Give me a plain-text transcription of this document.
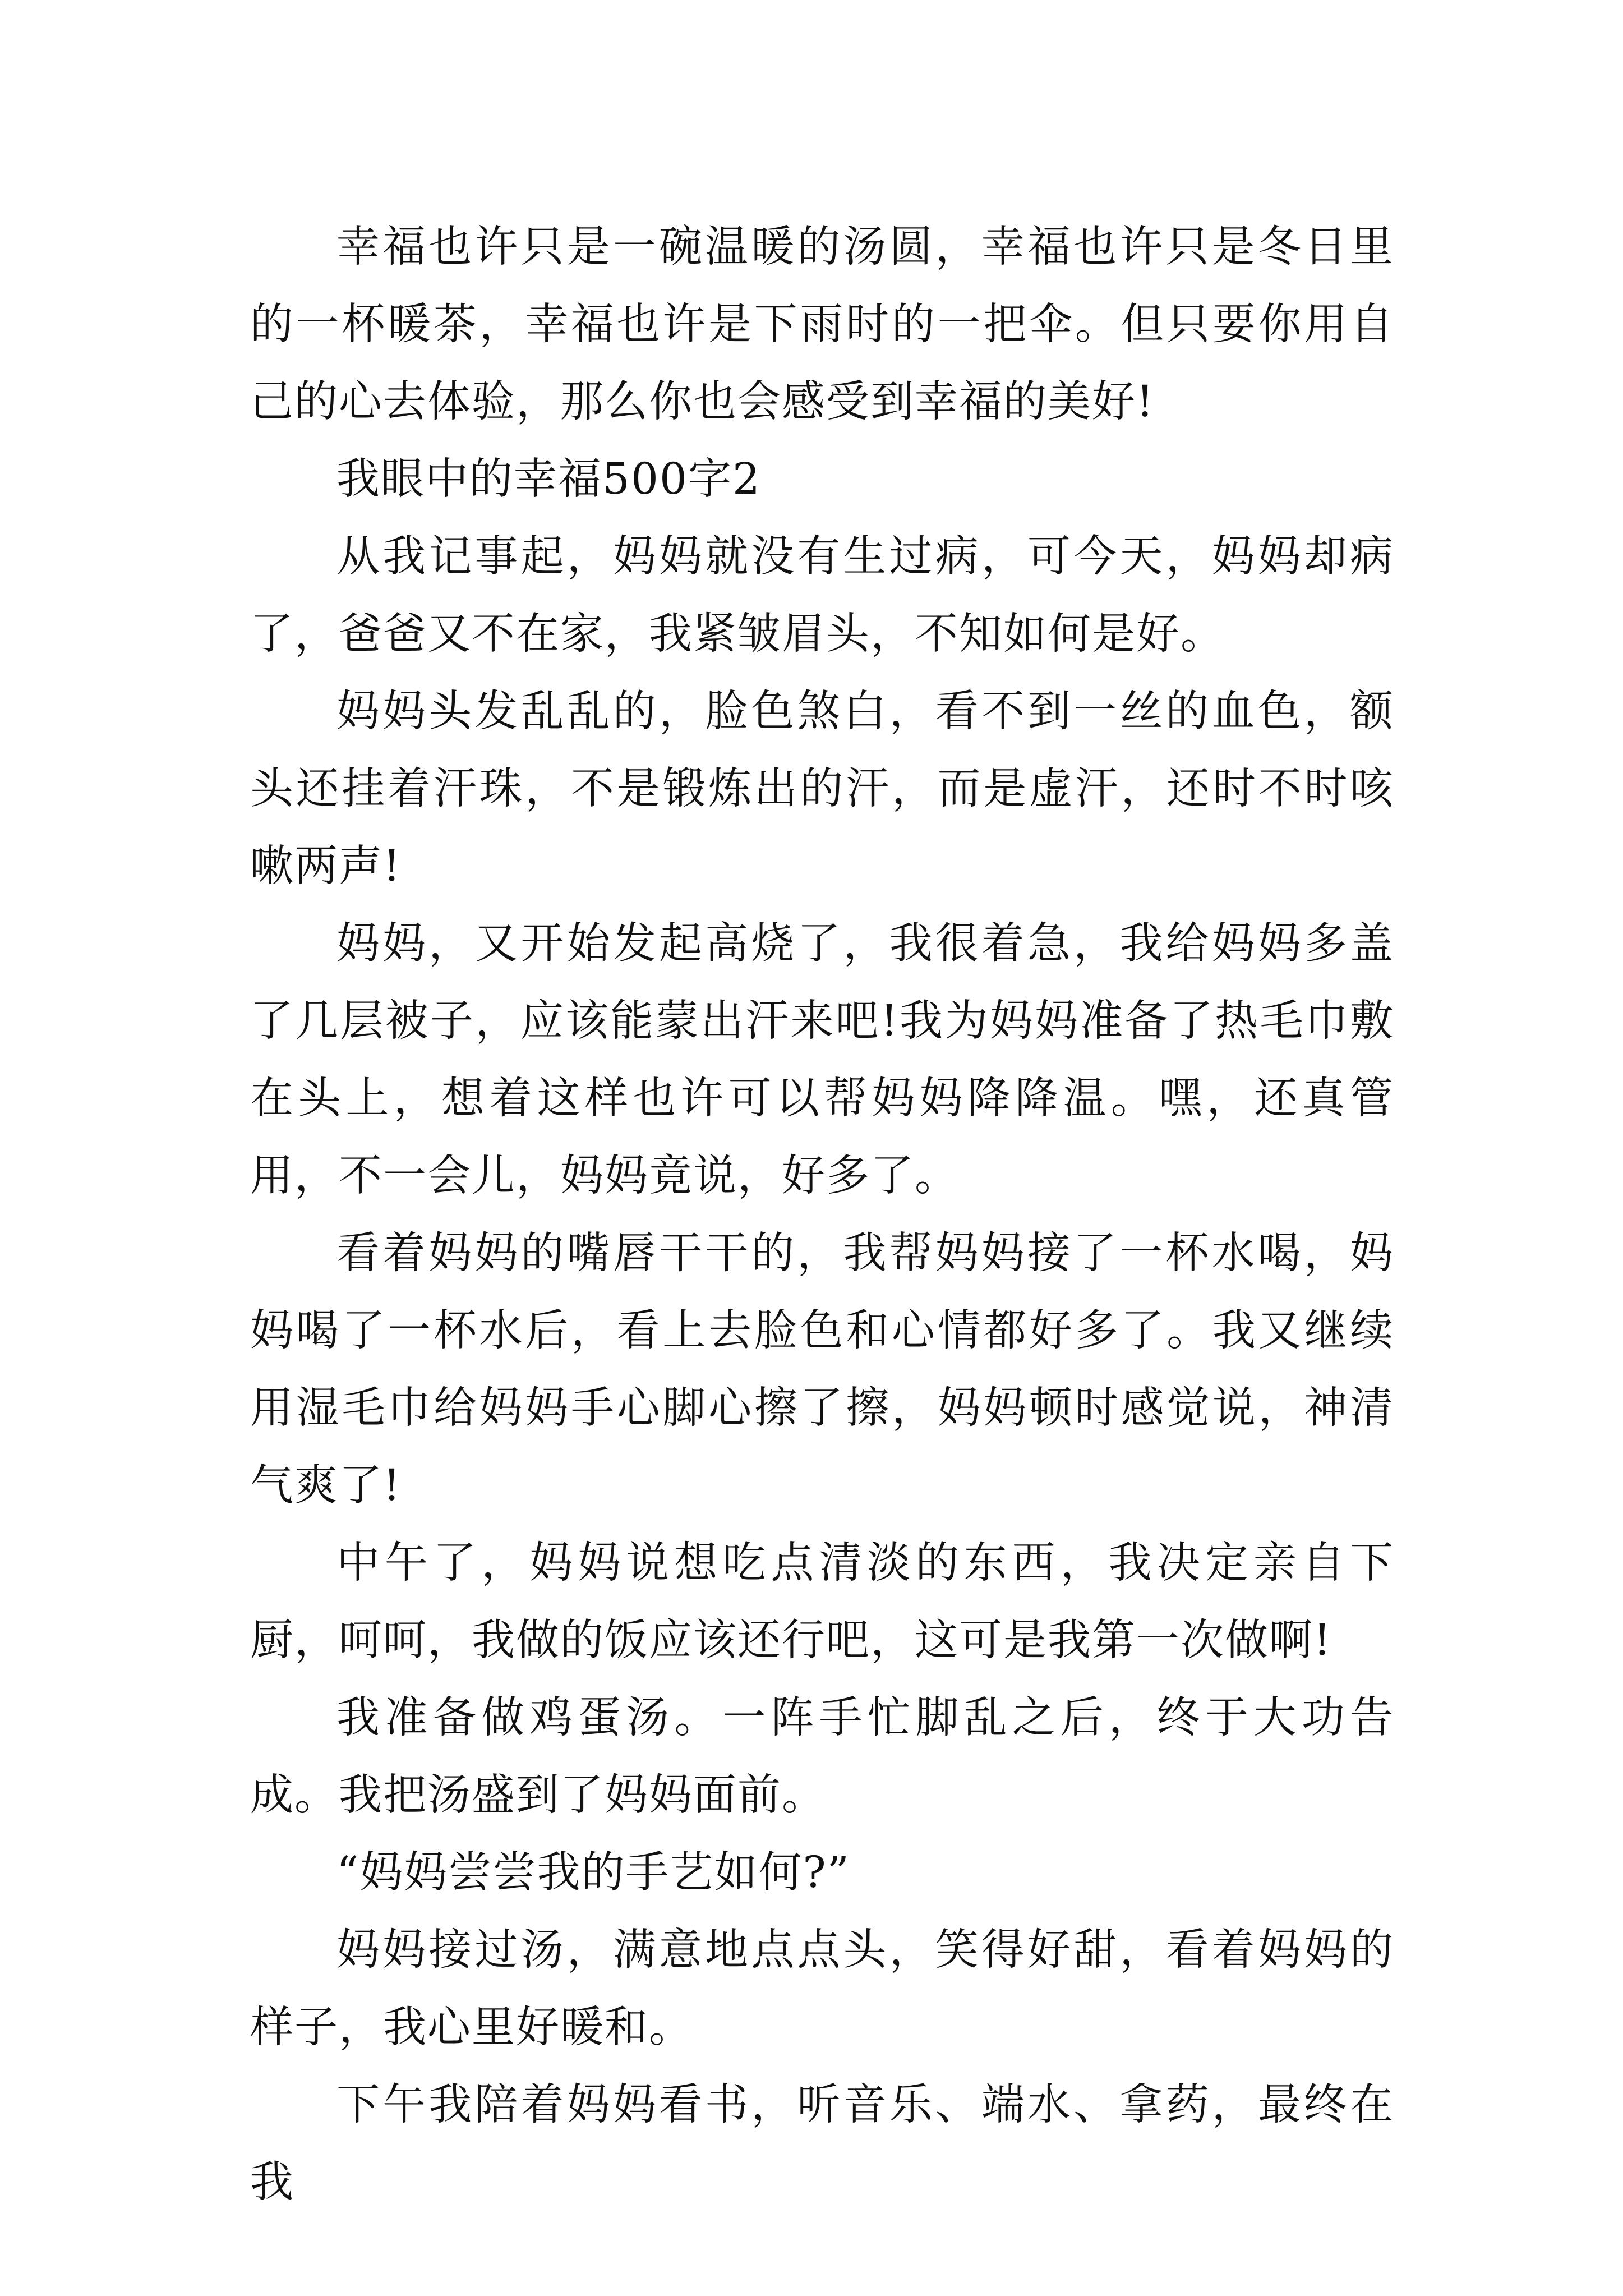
幸福也许只是一碗温暖的汤圆，幸福也许只是冬日里的一杯暖茶，幸福也许是下雨时的一把伞。但只要你用自己的心去体验，那么你也会感受到幸福的美好!

我眼中的幸福500字2

从我记事起，妈妈就没有生过病，可今天，妈妈却病了，爸爸又不在家，我紧皱眉头，不知如何是好。

妈妈头发乱乱的，脸色煞白，看不到一丝的血色，额头还挂着汗珠，不是锻炼出的汗，而是虚汗，还时不时咳嗽两声!

妈妈，又开始发起高烧了，我很着急，我给妈妈多盖了几层被子，应该能蒙出汗来吧!我为妈妈准备了热毛巾敷在头上，想着这样也许可以帮妈妈降降温。嘿，还真管用，不一会儿，妈妈竟说，好多了。

看着妈妈的嘴唇干干的，我帮妈妈接了一杯水喝，妈妈喝了一杯水后，看上去脸色和心情都好多了。我又继续用湿毛巾给妈妈手心脚心擦了擦，妈妈顿时感觉说，神清气爽了!

中午了，妈妈说想吃点清淡的东西，我决定亲自下厨，呵呵，我做的饭应该还行吧，这可是我第一次做啊!

我准备做鸡蛋汤。一阵手忙脚乱之后，终于大功告成。我把汤盛到了妈妈面前。

“妈妈尝尝我的手艺如何?”

妈妈接过汤，满意地点点头，笑得好甜，看着妈妈的样子，我心里好暖和。

下午我陪着妈妈看书，听音乐、端水、拿药，最终在我
